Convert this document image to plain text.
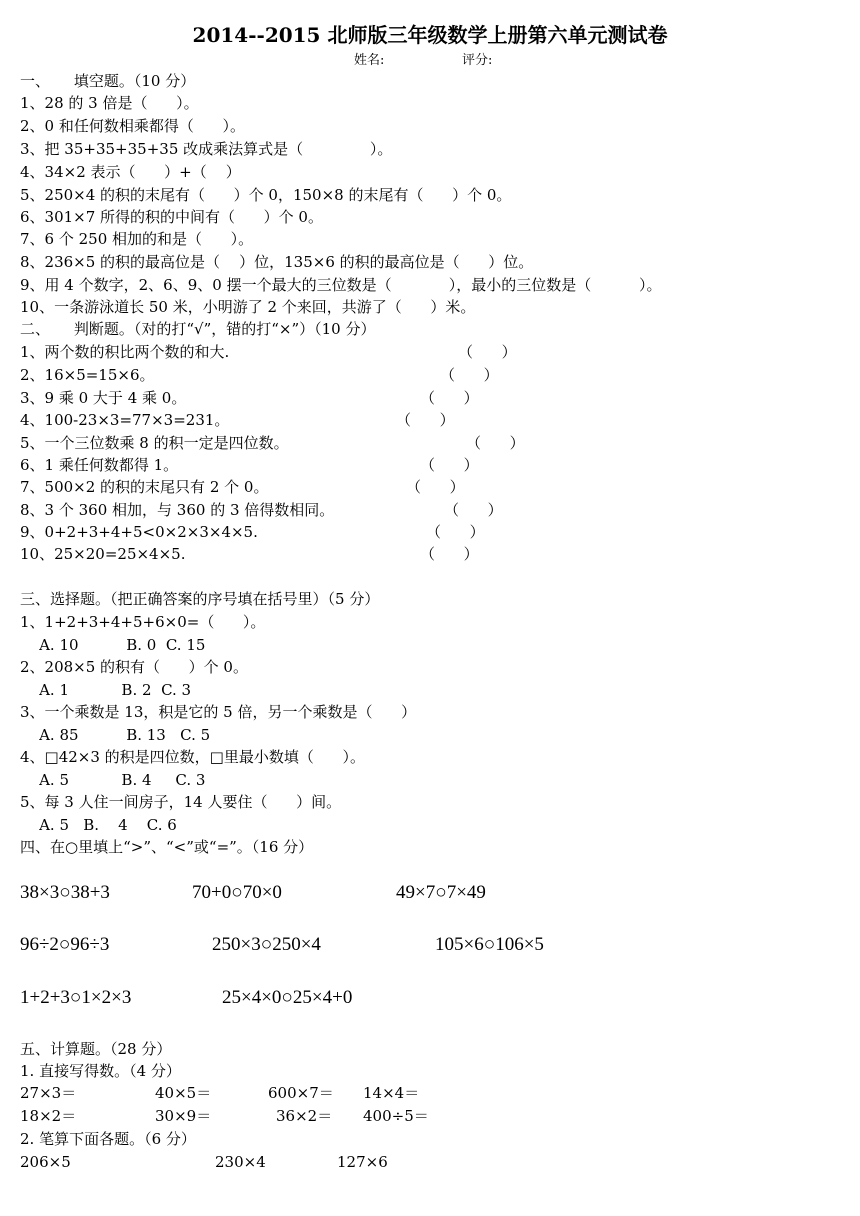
2014--2015 北师版三年级数学上册第六单元测试卷
姓名:	评分:
一、     填空题。（10 分）
1、28 的 3 倍是（      ）。
2、0 和任何数相乘都得（      ）。
3、把 35+35+35+35 改成乘法算式是（              ）。
4、34×2 表示（      ）+（    ）
5、250×4 的积的末尾有（      ）个 0，150×8 的末尾有（      ）个 0。
6、301×7 所得的积的中间有（      ）个 0。
7、6 个 250 相加的和是（      ）。
8、236×5 的积的最高位是（    ）位，135×6 的积的最高位是（      ）位。
9、用 4 个数字，2、6、9、0 摆一个最大的三位数是（            ），最小的三位数是（          ）。
10、一条游泳道长 50 米，小明游了 2 个来回，共游了（      ）米。
二、     判断题。（对的打“√”，错的打“×”）（10 分）
1、两个数的积比两个数的和大.	（      ）
2、16×5=15×6。	（      ）
3、9 乘 0 大于 4 乘 0。	（      ）
4、100-23×3=77×3=231。	（      ）
5、一个三位数乘 8 的积一定是四位数。	（      ）
6、1 乘任何数都得 1。	（      ）
7、500×2 的积的末尾只有 2 个 0。	（      ）
8、3 个 360 相加，与 360 的 3 倍得数相同。	（      ）
9、0+2+3+4+5<0×2×3×4×5.	（      ）
10、25×20=25×4×5.	（      ）
三、选择题。（把正确答案的序号填在括号里）（5 分）
1、1+2+3+4+5+6×0=（      ）。
A. 10          B. 0  C. 15
2、208×5 的积有（      ）个 0。
A. 1           B. 2  C. 3
3、一个乘数是 13，积是它的 5 倍，另一个乘数是（      ）
A. 85          B. 13   C. 5
4、□42×3 的积是四位数，□里最小数填（      ）。
A. 5           B. 4     C. 3
5、每 3 人住一间房子，14 人要住（      ）间。
A. 5   B.    4    C. 6
四、在○里填上“>”、“<”或“=”。（16 分）
38×3○38+3	70+0○70×0	49×7○7×49
96÷2○96÷3	250×3○250×4	105×6○106×5
1+2+3○1×2×3	25×4×0○25×4+0
五、计算题。（28 分）
1. 直接写得数。（4 分）
27×3＝	40×5＝	600×7＝ 14×4＝
18×2＝	30×9＝	36×2＝ 400÷5＝
2. 笔算下面各题。（6 分）
206×5	230×4	127×6
